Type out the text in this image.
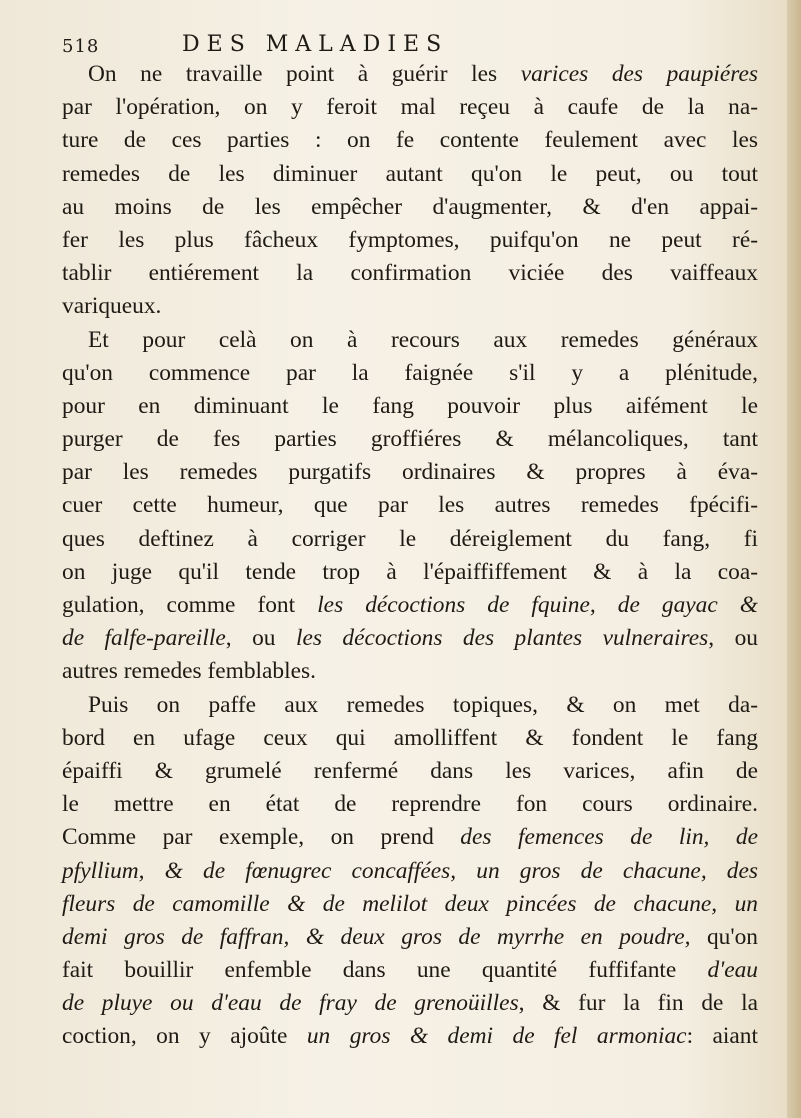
518	DES MALADIES
On ne travaille point à guérir les varices des paupiéres
par l'opération, on y feroit mal reçeu à caufe de la na-
ture de ces parties : on fe contente feulement avec les
remedes de les diminuer autant qu'on le peut, ou tout
au moins de les empêcher d'augmenter, & d'en appai-
fer les plus fâcheux fymptomes, puifqu'on ne peut ré-
tablir entiérement la confirmation viciée des vaiffeaux
variqueux.
Et pour celà on à recours aux remedes généraux
qu'on commence par la faignée s'il y a plénitude,
pour en diminuant le fang pouvoir plus aifément le
purger de fes parties groffiéres & mélancoliques, tant
par les remedes purgatifs ordinaires & propres à éva-
cuer cette humeur, que par les autres remedes fpécifi-
ques deftinez à corriger le déreiglement du fang, fi
on juge qu'il tende trop à l'épaiffiffement & à la coa-
gulation, comme font les décoctions de fquine, de gayac &
de falfe-pareille, ou les décoctions des plantes vulneraires, ou
autres remedes femblables.
Puis on paffe aux remedes topiques, & on met da-
bord en ufage ceux qui amolliffent & fondent le fang
épaiffi & grumelé renfermé dans les varices, afin de
le mettre en état de reprendre fon cours ordinaire.
Comme par exemple, on prend des femences de lin, de
pfyllium, & de fœnugrec concaffées, un gros de chacune, des
fleurs de camomille & de melilot deux pincées de chacune, un
demi gros de faffran, & deux gros de myrrhe en poudre, qu'on
fait bouillir enfemble dans une quantité fuffifante d'eau
de pluye ou d'eau de fray de grenoüilles, & fur la fin de la
coction, on y ajoûte un gros & demi de fel armoniac: aiant
